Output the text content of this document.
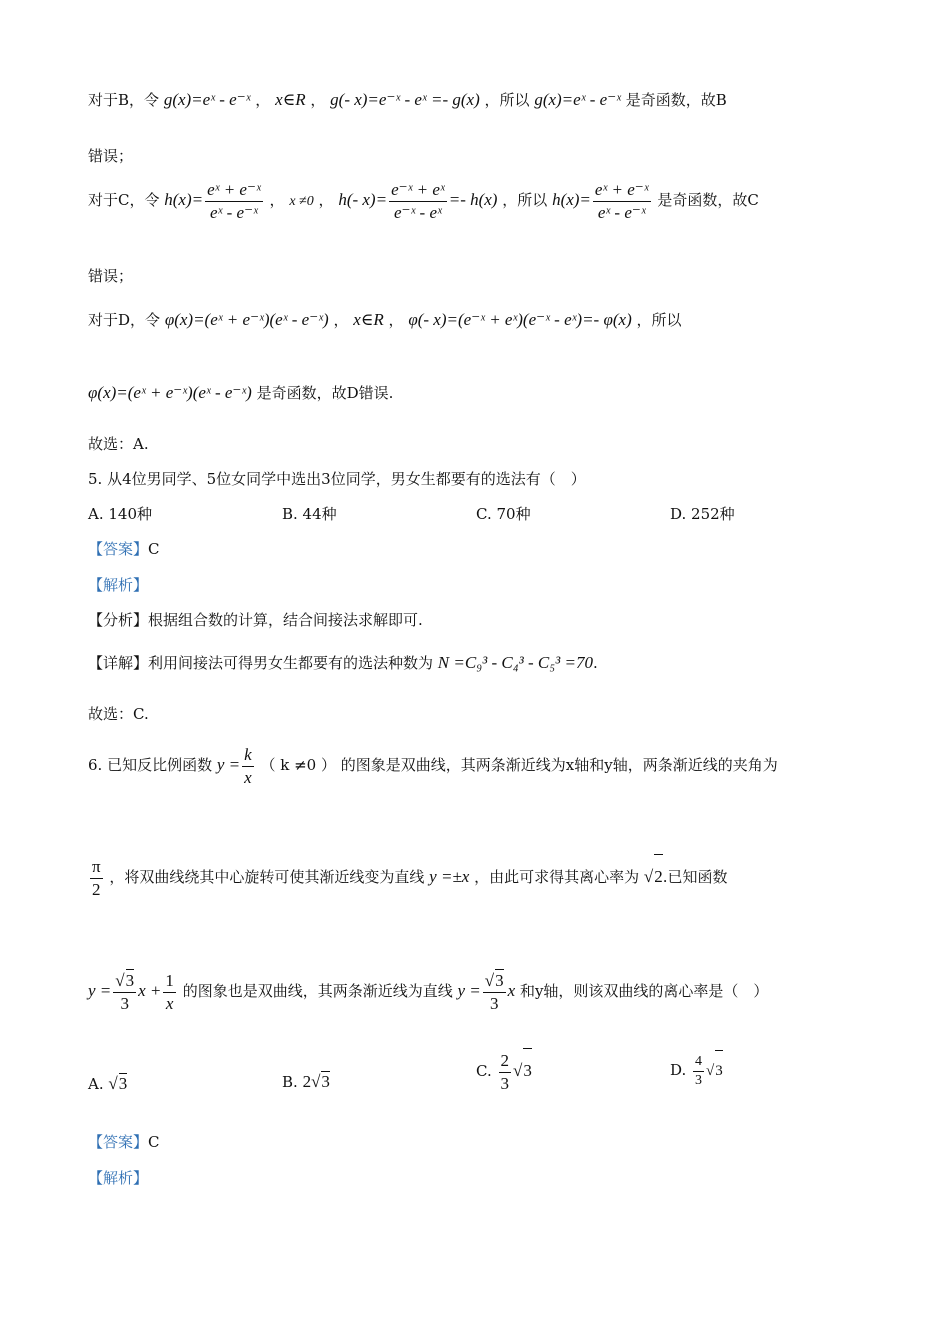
对于B，令 g(x)=eˣ - e⁻ˣ ， x∈R ， g(- x)=e⁻ˣ - eˣ =- g(x) ，所以 g(x)=eˣ - e⁻ˣ 是奇函数，故B
错误；
对于C，令 $h(x)= \frac{\text{eˣ + e⁻ˣ}}{\text{eˣ - e⁻ˣ}}$ ， x ≠0 ， h(- $x)= \frac{\text{e⁻ˣ + eˣ}}{\text{e⁻ˣ - eˣ}} =- h(x)$ ，所以 $h(x)= \frac{\text{eˣ + e⁻ˣ}}{\text{eˣ - e⁻ˣ}}$ 是奇函数，故C
错误；
对于D，令 φ(x)=(eˣ + e⁻ˣ)(eˣ - e⁻ˣ) ， x∈R ， φ(- x)=(e⁻ˣ + eˣ)(e⁻ˣ - eˣ)=- φ(x) ，所以
φ(x)=(eˣ + e⁻ˣ)(eˣ - e⁻ˣ) 是奇函数，故D错误.
故选：A.
5. 从4位男同学、5位女同学中选出3位同学，男女生都要有的选法有（　）
A. 140种	B. 44种	C. 70种	D. 252种
【答案】C
【解析】
【分析】根据组合数的计算，结合间接法求解即可.
【详解】利用间接法可得男女生都要有的选法种数为 N =C₉³ - C₄³ - C₅³ =70.
故选：C.
6. 已知反比例函数 $y = \frac{k}{x}$ （ k ≠0 ） 的图象是双曲线，其两条渐近线为x轴和y轴，两条渐近线的夹角为
$\frac{\pi}{2}$ ，将双曲线绕其中心旋转可使其渐近线变为直线 y =±x ，由此可求得其离心率为 √2.已知函数
$y = \frac{√3}{3}$ $x + \frac{1}{x}$ 的图象也是双曲线，其两条渐近线为直线 $y = \frac{√3}{3}$ x 和y轴，则该双曲线的离心率是（　）
A. √3	B. 2√3
C. $\frac{2}{3} √3$	D. $\frac{4}{3} √3$
【答案】C
【解析】
